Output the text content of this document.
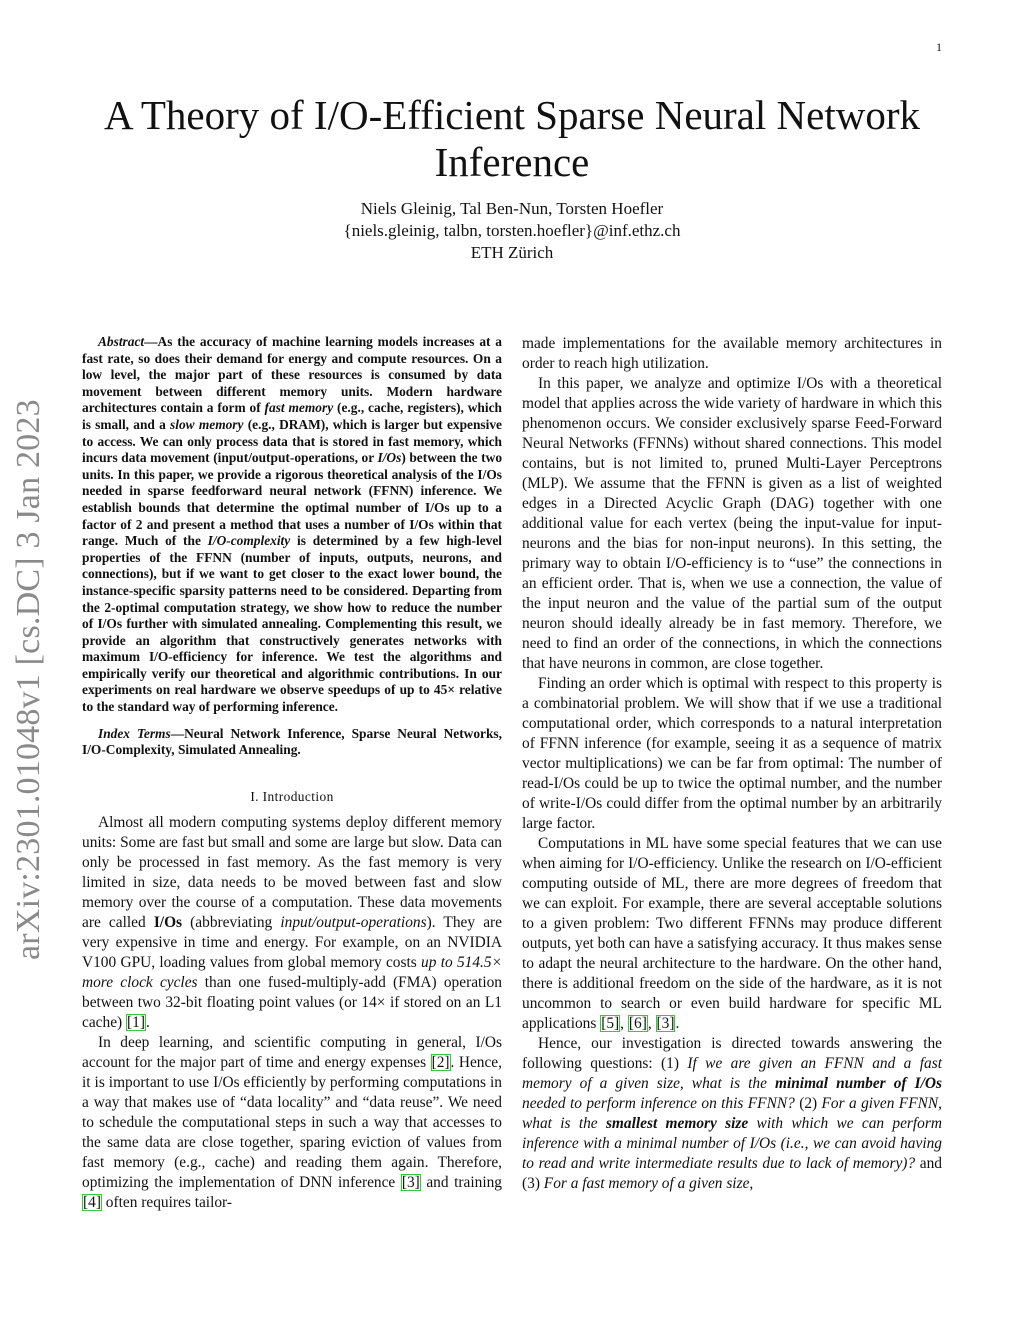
1
arXiv:2301.01048v1 [cs.DC] 3 Jan 2023
A Theory of I/O-Efficient Sparse Neural Network
Inference
Niels Gleinig, Tal Ben-Nun, Torsten Hoefler
{niels.gleinig, talbn, torsten.hoefler}@inf.ethz.ch
ETH Zürich

Abstract—As the accuracy of machine learning models increases at a fast rate, so does their demand for energy and compute resources. On a low level, the major part of these resources is consumed by data movement between different memory units. Modern hardware architectures contain a form of fast memory (e.g., cache, registers), which is small, and a slow memory (e.g., DRAM), which is larger but expensive to access. We can only process data that is stored in fast memory, which incurs data movement (input/output-operations, or I/Os) between the two units. In this paper, we provide a rigorous theoretical analysis of the I/Os needed in sparse feedforward neural network (FFNN) inference. We establish bounds that determine the optimal number of I/Os up to a factor of 2 and present a method that uses a number of I/Os within that range. Much of the I/O-complexity is determined by a few high-level properties of the FFNN (number of inputs, outputs, neurons, and connections), but if we want to get closer to the exact lower bound, the instance-specific sparsity patterns need to be considered. Departing from the 2-optimal computation strategy, we show how to reduce the number of I/Os further with simulated annealing. Complementing this result, we provide an algorithm that constructively generates networks with maximum I/O-efficiency for inference. We test the algorithms and empirically verify our theoretical and algorithmic contributions. In our experiments on real hardware we observe speedups of up to 45× relative to the standard way of performing inference.

Index Terms—Neural Network Inference, Sparse Neural Networks, I/O-Complexity, Simulated Annealing.

I. Introduction

Almost all modern computing systems deploy different memory units: Some are fast but small and some are large but slow. Data can only be processed in fast memory. As the fast memory is very limited in size, data needs to be moved between fast and slow memory over the course of a computation. These data movements are called I/Os (abbreviating input/output-operations). They are very expensive in time and energy. For example, on an NVIDIA V100 GPU, loading values from global memory costs up to 514.5× more clock cycles than one fused-multiply-add (FMA) operation between two 32-bit floating point values (or 14× if stored on an L1 cache) [1].

In deep learning, and scientific computing in general, I/Os account for the major part of time and energy expenses [2]. Hence, it is important to use I/Os efficiently by performing computations in a way that makes use of “data locality” and “data reuse”. We need to schedule the computational steps in such a way that accesses to the same data are close together, sparing eviction of values from fast memory (e.g., cache) and reading them again. Therefore, optimizing the implementation of DNN inference [3] and training [4] often requires tailor-

made implementations for the available memory architectures in order to reach high utilization.

In this paper, we analyze and optimize I/Os with a theoretical model that applies across the wide variety of hardware in which this phenomenon occurs. We consider exclusively sparse Feed-Forward Neural Networks (FFNNs) without shared connections. This model contains, but is not limited to, pruned Multi-Layer Perceptrons (MLP). We assume that the FFNN is given as a list of weighted edges in a Directed Acyclic Graph (DAG) together with one additional value for each vertex (being the input-value for input-neurons and the bias for non-input neurons). In this setting, the primary way to obtain I/O-efficiency is to “use” the connections in an efficient order. That is, when we use a connection, the value of the input neuron and the value of the partial sum of the output neuron should ideally already be in fast memory. Therefore, we need to find an order of the connections, in which the connections that have neurons in common, are close together.

Finding an order which is optimal with respect to this property is a combinatorial problem. We will show that if we use a traditional computational order, which corresponds to a natural interpretation of FFNN inference (for example, seeing it as a sequence of matrix vector multiplications) we can be far from optimal: The number of read-I/Os could be up to twice the optimal number, and the number of write-I/Os could differ from the optimal number by an arbitrarily large factor.

Computations in ML have some special features that we can use when aiming for I/O-efficiency. Unlike the research on I/O-efficient computing outside of ML, there are more degrees of freedom that we can exploit. For example, there are several acceptable solutions to a given problem: Two different FFNNs may produce different outputs, yet both can have a satisfying accuracy. It thus makes sense to adapt the neural architecture to the hardware. On the other hand, there is additional freedom on the side of the hardware, as it is not uncommon to search or even build hardware for specific ML applications [5], [6], [3].

Hence, our investigation is directed towards answering the following questions: (1) If we are given an FFNN and a fast memory of a given size, what is the minimal number of I/Os needed to perform inference on this FFNN? (2) For a given FFNN, what is the smallest memory size with which we can perform inference with a minimal number of I/Os (i.e., we can avoid having to read and write intermediate results due to lack of memory)? and (3) For a fast memory of a given size,
